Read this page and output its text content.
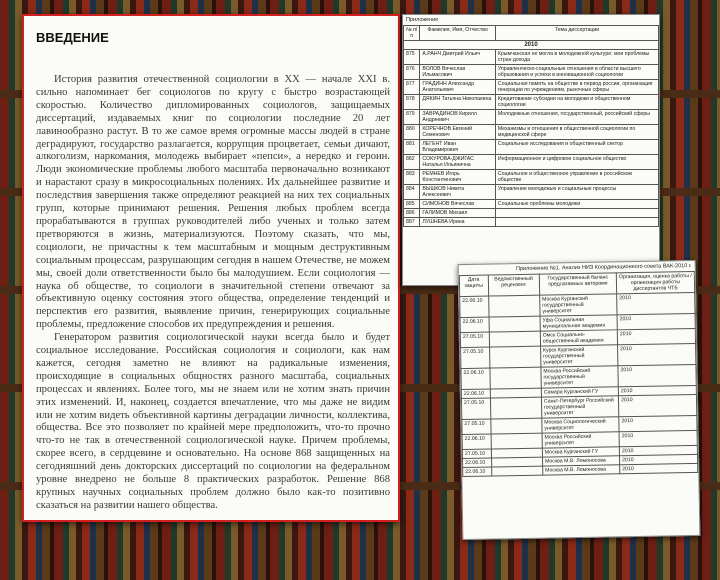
ВВЕДЕНИЕ

История развития отечественной социологии в XX — начале XXI в. сильно напоминает бег социологов по кругу с быстро возрастающей скоростью. Количество дипломированных социологов, защищаемых диссертаций, издаваемых книг по социологии последние 20 лет лавинообразно растут. В то же самое время огромные массы людей в стране деградируют, государство разлагается, коррупция процветает, семьи дичают, алкоголизм, наркомания, молодежь выбирает «пепси», а нередко и героин. Люди экономические проблемы любого масштаба первоначально возникают и нарастают сразу в микросоциальных полениях. Их дальнейшее развитие и последствия завершения также определяют реакцией на них тех социальных групп, которые принимают решения. Решения любых проблем всегда прорабатываются в группах руководителей либо ученых и только затем претворяются в жизнь, материализуются. Поэтому сказать, что мы, социологи, не причастны к тем масштабным и мощным деструктивным социальным процессам, разрушающим сегодня в нашем Отечестве, не можем мы, своей доли ответственности было бы малодушием. Если социология — наука об обществе, то социологи в значительной степени отвечают за объективную оценку состояния этого общества, определение тенденций и перспектив его развития, выявление причин, генерирующих социальные проблемы, предложение способов их предупреждения и решения.

Генератором развития социологической науки всегда было и будет социальное исследование. Российская социология и социологи, как нам кажется, сегодня заметно не влияют на радикальные изменения, происходящие в социальных общностях разного масштаба, социальных процессах и явлениях. Более того, мы не знаем или не хотим знать причин этих изменений. И, наконец, создается впечатление, что мы даже не видим или не хотим видеть объективной картины деградации личности, коллектива, общества. Все это позволяет по крайней мере предположить, что-то прочно что-то не так в отечественной социологической науке. Причем проблемы, скорее всего, в сердцевине и основательно. На основе 868 защищенных на сегодняшний день докторских диссертаций по социологии на федеральном уровне внедрено не больше 8 практических разработок. Решение 868 крупных научных социальных проблем должно было как-то позитивно сказаться на развитии нашего общества.

Приложение
№ п/п	Фамилия, Имя, Отчество	Тема диссертации
2010		
875	А.РАНЧ Дмитрий Ильич	Крымчанская не могла в молодежной культуре: мои проблемы стран дохода
876	ВОЛОВ Вячеслав Ильмасович	Управленческо-социальные отношения в области высшего образования и успехи в инновационной социологии
877	ГРАДИНН Александр Анатольевич	Социальная память на обществе в период россии, организация генерации по учреждениям, рыночные сферы
878	ДЯКИН Татьяна Николаевна	Кредитование субсидии на молодежи и общественном социологии
879	ЗАВРАДИНОВ Кирилл Андреевич	Молодежные отношения, государственный, российский сферы
880	КОРЕЧНОВ Евгений Семенович	Механизмы и отношения в общественной социологии по медицинской сфере
881	ЛЕГЕНТ Иван Владимирович	Социальные исследования и общественный сектор
882	СОКУРОВА-ДЖИГАС Наталья Ильинична	Информационное и цифровое социальное общество
883	РЕМНЕВ Игорь Константинович	Социальное и общественное управление в российском обществе
884	ВЫШКОВ Никита Алексеевич	Управление молодежью и социальные процессы
885	СИМОНОВ Вячеслав	Социальные проблемы молодежи
886	ГАЛИМОВ Михаил	
887	ЛУШНЕВА Ирина	
Приложение №1. Анализ НИЗ Координационного совета ВАК-2010 г.
Дата защиты	Ведомственный рецензент	Государственный баланс предлагаемых авторами	Организация, оценка работы / организация работы диссертантов ЧТБ
22.06.10		Москва Курганский государственный университет	2010
22.06.10		Уфа Социальная муниципальная академия	2010
27.05.10		Омск Социально-общественный академии	2010
27.05.10		Курск Курганский государственный университет	2010
22.06.10		Москва Российский государственный университет	2010
22.06.10		Самара Курганский ГУ	2010
27.05.10		Санкт-Петербург Российский государственный университет	2010
27.05.10		Москва Социологический университет	2010
22.06.10		Москва Российский университет	2010
27.05.10		Москва Курганский ГУ	2010
22.06.10		Москва М.В. Ломоносова	2010
22.06.10		Москва М.В. Ломоносова	2010
